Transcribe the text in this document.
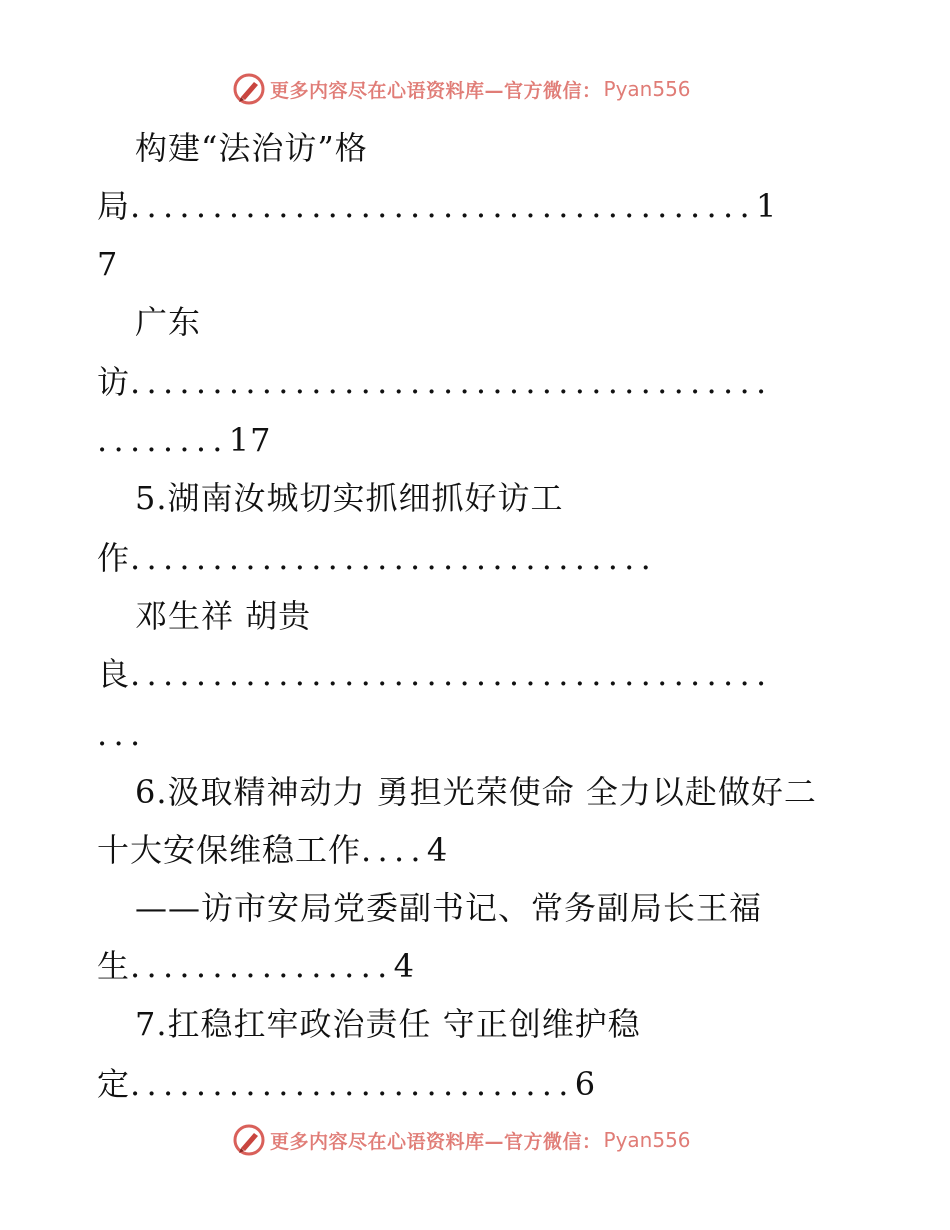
更多内容尽在心语资料库—官方微信： Pyan556
构建“法治访”格
局......................................1
7
广东
访.......................................
........17
5.湖南汝城切实抓细抓好访工
作................................
邓生祥 胡贵
良.......................................
...
6.汲取精神动力 勇担光荣使命 全力以赴做好二
十大安保维稳工作....4
——访市安局党委副书记、常务副局长王福
生................4
7.扛稳扛牢政治责任 守正创维护稳
定...........................6
更多内容尽在心语资料库—官方微信： Pyan556
